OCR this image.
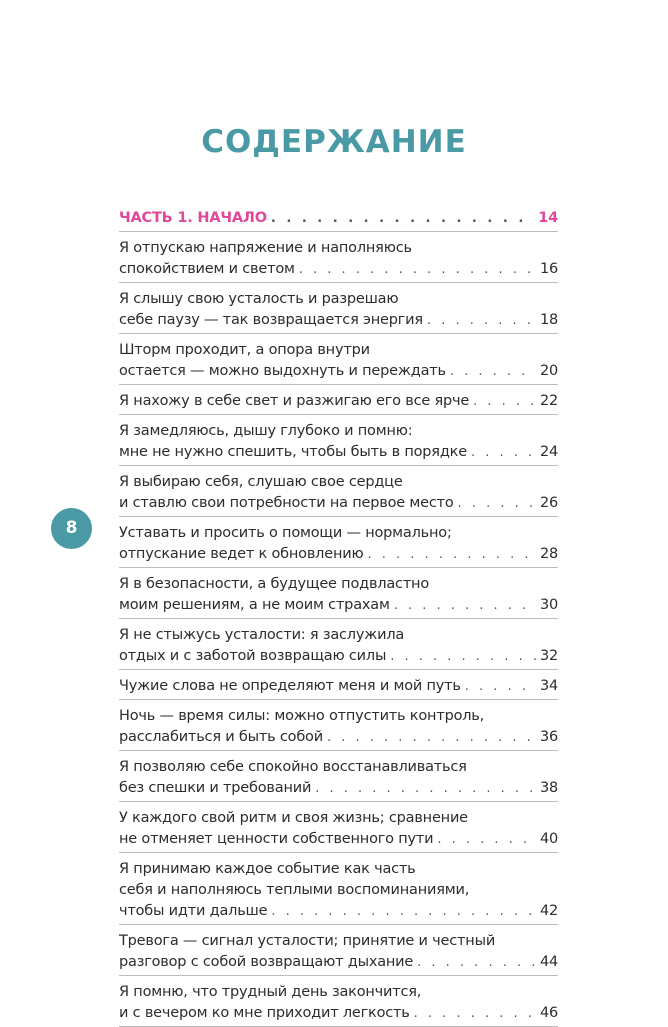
СОДЕРЖАНИЕ
ЧАСТЬ 1. НАЧАЛО . . .	14
Я отпускаю напряжение и наполняюсь
спокойствием и светом . . .	16
Я слышу свою усталость и разрешаю
себе паузу — так возвращается энергия . . .	18
Шторм проходит, а опора внутри
остается — можно выдохнуть и переждать . . .	20
Я нахожу в себе свет и разжигаю его все ярче . . .	22
Я замедляюсь, дышу глубоко и помню:
мне не нужно спешить, чтобы быть в порядке . . .	24
Я выбираю себя, слушаю свое сердце
и ставлю свои потребности на первое место . . .	26
Уставать и просить о помощи — нормально;
отпускание ведет к обновлению . . .	28
Я в безопасности, а будущее подвластно
моим решениям, а не моим страхам . . .	30
Я не стыжусь усталости: я заслужила
отдых и с заботой возвращаю силы . . .	32
Чужие слова не определяют меня и мой путь . . .	34
Ночь — время силы: можно отпустить контроль,
расслабиться и быть собой . . .	36
Я позволяю себе спокойно восстанавливаться
без спешки и требований . . .	38
У каждого свой ритм и своя жизнь; сравнение
не отменяет ценности собственного пути . . .	40
Я принимаю каждое событие как часть
себя и наполняюсь теплыми воспоминаниями,
чтобы идти дальше . . .	42
Тревога — сигнал усталости; принятие и честный
разговор с собой возвращают дыхание . . .	44
Я помню, что трудный день закончится,
и с вечером ко мне приходит легкость . . .	46
8
